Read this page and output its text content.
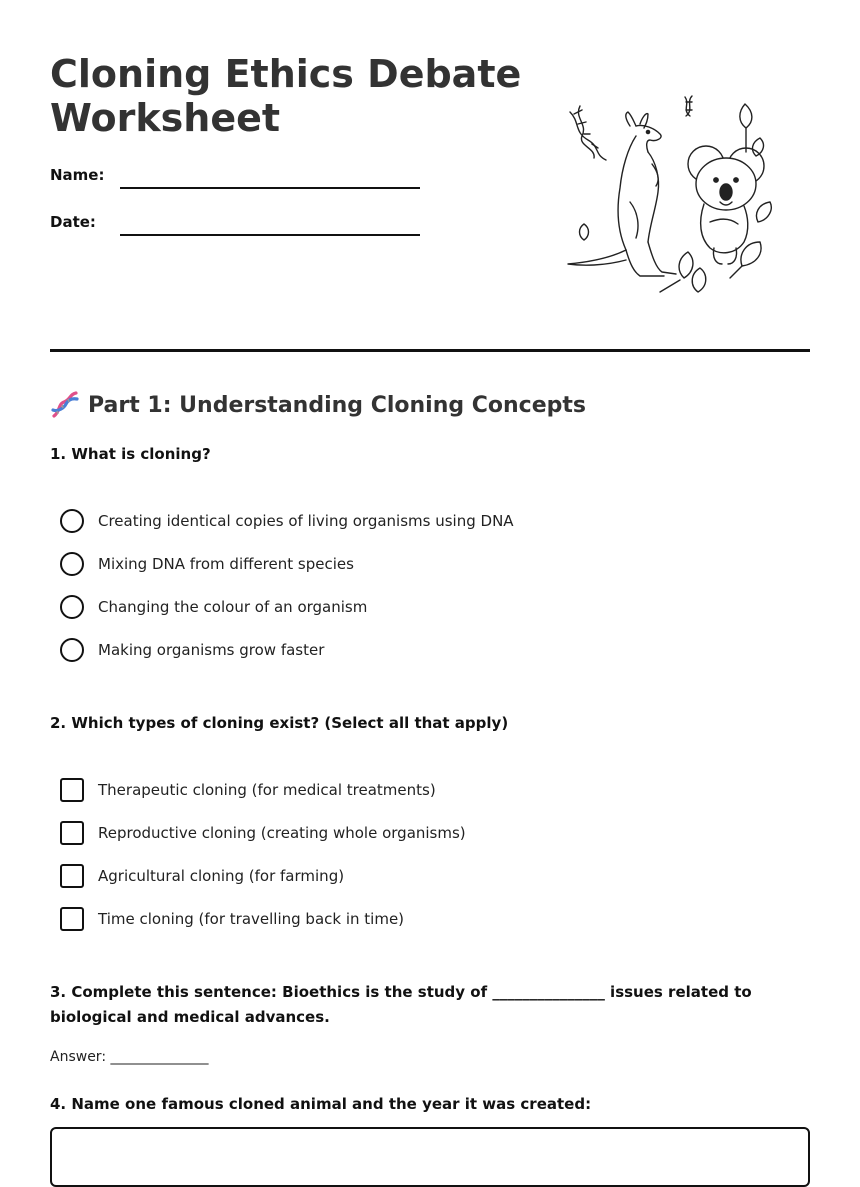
Cloning Ethics Debate Worksheet
Name:
Date:
Part 1: Understanding Cloning Concepts
1. What is cloning?
Creating identical copies of living organisms using DNA
Mixing DNA from different species
Changing the colour of an organism
Making organisms grow faster
2. Which types of cloning exist? (Select all that apply)
Therapeutic cloning (for medical treatments)
Reproductive cloning (creating whole organisms)
Agricultural cloning (for farming)
Time cloning (for travelling back in time)
3. Complete this sentence: Bioethics is the study of _______________ issues related to biological and medical advances.
Answer: ______________
4. Name one famous cloned animal and the year it was created:
